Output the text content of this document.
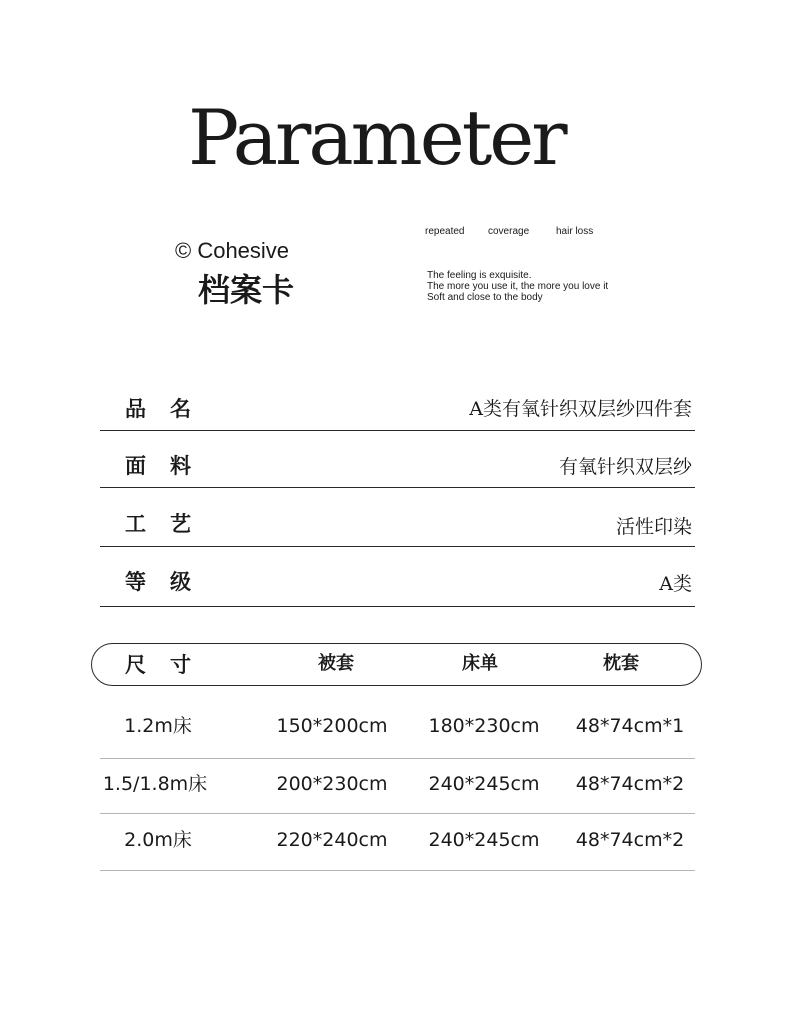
Parameter
© Cohesive
档案卡
repeated coverage	hair loss
The feeling is exquisite.
The more you use it, the more you love it
Soft and close to the body
品名	A类有氧针织双层纱四件套
面料	有氧针织双层纱
工艺	活性印染
等级	A类
尺寸	被套	床单	枕套
1.2m床	150*200cm 180*230cm 48*74cm*1
1.5/1.8m床	200*230cm 240*245cm 48*74cm*2
2.0m床	220*240cm 240*245cm 48*74cm*2
